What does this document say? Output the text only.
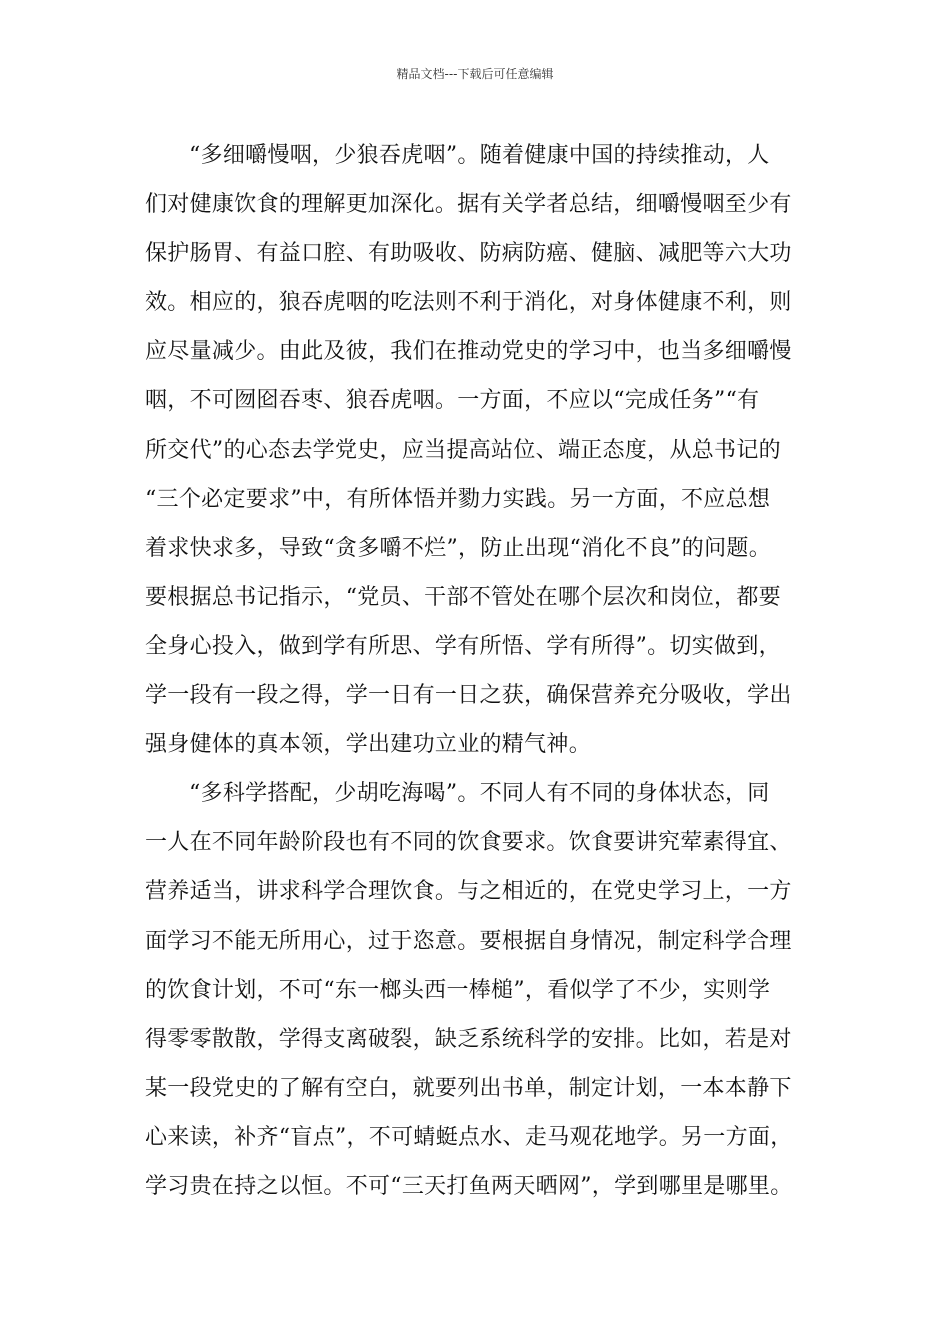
精品文档---下载后可任意编辑
“多细嚼慢咽，少狼吞虎咽”。随着健康中国的持续推动，人
们对健康饮食的理解更加深化。据有关学者总结，细嚼慢咽至少有
保护肠胃、有益口腔、有助吸收、防病防癌、健脑、减肥等六大功
效。相应的，狼吞虎咽的吃法则不利于消化，对身体健康不利，则
应尽量减少。由此及彼，我们在推动党史的学习中，也当多细嚼慢
咽，不可囫囵吞枣、狼吞虎咽。一方面，不应以“完成任务”“有
所交代”的心态去学党史，应当提高站位、端正态度，从总书记的
“三个必定要求”中，有所体悟并勠力实践。另一方面，不应总想
着求快求多，导致“贪多嚼不烂”，防止出现“消化不良”的问题。
要根据总书记指示，“党员、干部不管处在哪个层次和岗位，都要
全身心投入，做到学有所思、学有所悟、学有所得”。切实做到，
学一段有一段之得，学一日有一日之获，确保营养充分吸收，学出
强身健体的真本领，学出建功立业的精气神。
“多科学搭配，少胡吃海喝”。不同人有不同的身体状态，同
一人在不同年龄阶段也有不同的饮食要求。饮食要讲究荤素得宜、
营养适当，讲求科学合理饮食。与之相近的，在党史学习上，一方
面学习不能无所用心，过于恣意。要根据自身情况，制定科学合理
的饮食计划，不可“东一榔头西一棒槌”，看似学了不少，实则学
得零零散散，学得支离破裂，缺乏系统科学的安排。比如，若是对
某一段党史的了解有空白，就要列出书单，制定计划，一本本静下
心来读，补齐“盲点”，不可蜻蜓点水、走马观花地学。另一方面，
学习贵在持之以恒。不可“三天打鱼两天晒网”，学到哪里是哪里。
